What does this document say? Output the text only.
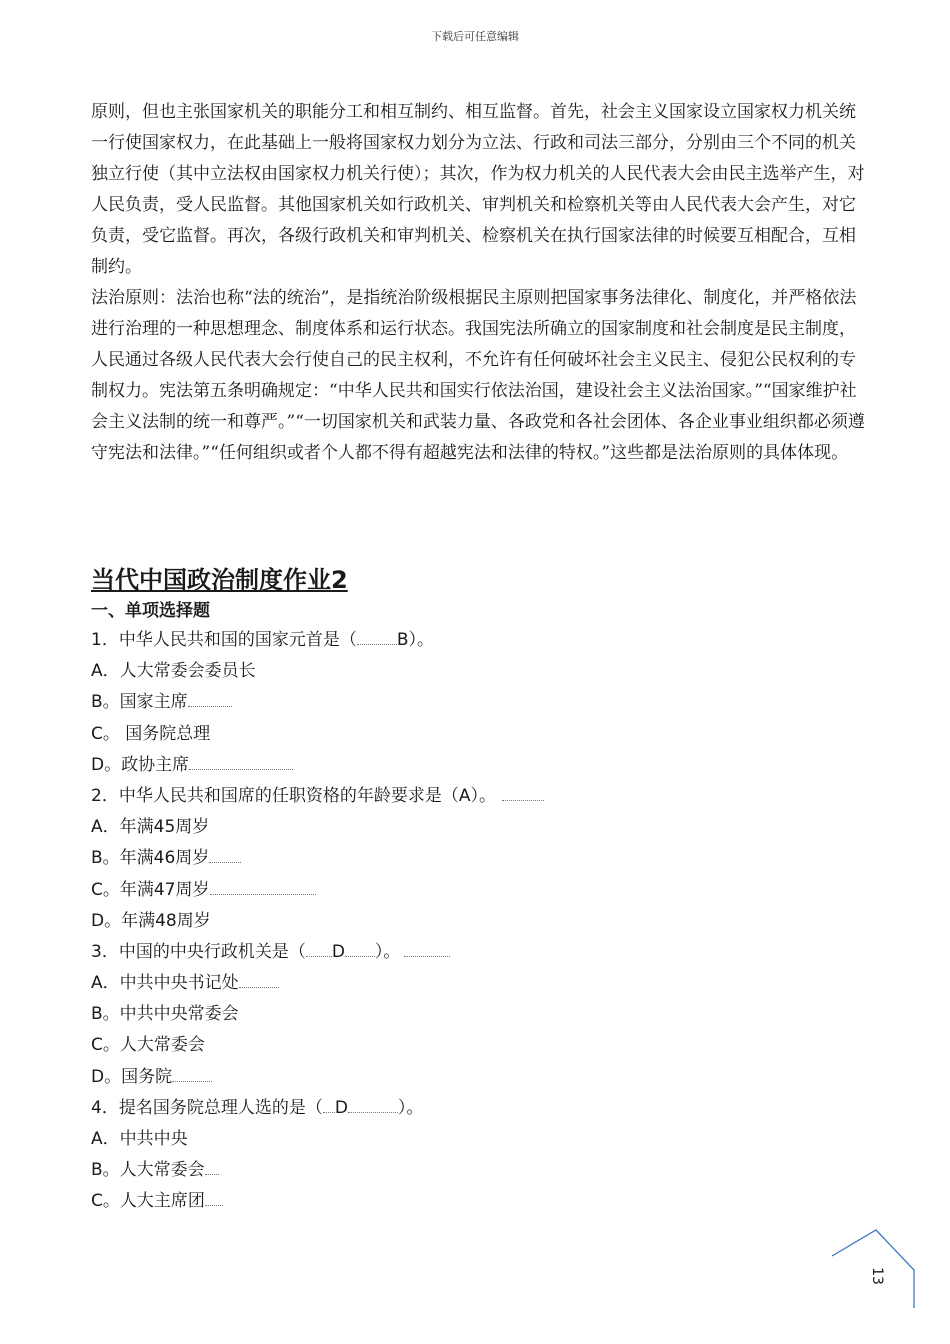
下载后可任意编辑
原则，但也主张国家机关的职能分工和相互制约、相互监督。首先，社会主义国家设立国家权力机关统一行使国家权力，在此基础上一般将国家权力划分为立法、行政和司法三部分，分别由三个不同的机关独立行使（其中立法权由国家权力机关行使）；其次，作为权力机关的人民代表大会由民主选举产生，对人民负责，受人民监督。其他国家机关如行政机关、审判机关和检察机关等由人民代表大会产生，对它负责，受它监督。再次，各级行政机关和审判机关、检察机关在执行国家法律的时候要互相配合，互相制约。
法治原则：法治也称“法的统治”，是指统治阶级根据民主原则把国家事务法律化、制度化，并严格依法进行治理的一种思想理念、制度体系和运行状态。我国宪法所确立的国家制度和社会制度是民主制度，人民通过各级人民代表大会行使自己的民主权利，不允许有任何破坏社会主义民主、侵犯公民权利的专制权力。宪法第五条明确规定：“中华人民共和国实行依法治国，建设社会主义法治国家。”“国家维护社会主义法制的统一和尊严。”“一切国家机关和武装力量、各政党和各社会团体、各企业事业组织都必须遵守宪法和法律。”“任何组织或者个人都不得有超越宪法和法律的特权。”这些都是法治原则的具体体现。
当代中国政治制度作业2
一、单项选择题
1．中华人民共和国的国家元首是（ B）。
A．人大常委会委员长
B。国家主席
C。 国务院总理
D。政协主席
2．中华人民共和国席的任职资格的年龄要求是（A）。
A．年满45周岁
B。年满46周岁
C。年满47周岁
D。年满48周岁
3．中国的中央行政机关是（ D ）。
A．中共中央书记处
B。中共中央常委会
C。人大常委会
D。国务院
4．提名国务院总理人选的是（ D	）。
A．中共中央
B。人大常委会
C。人大主席团
13
